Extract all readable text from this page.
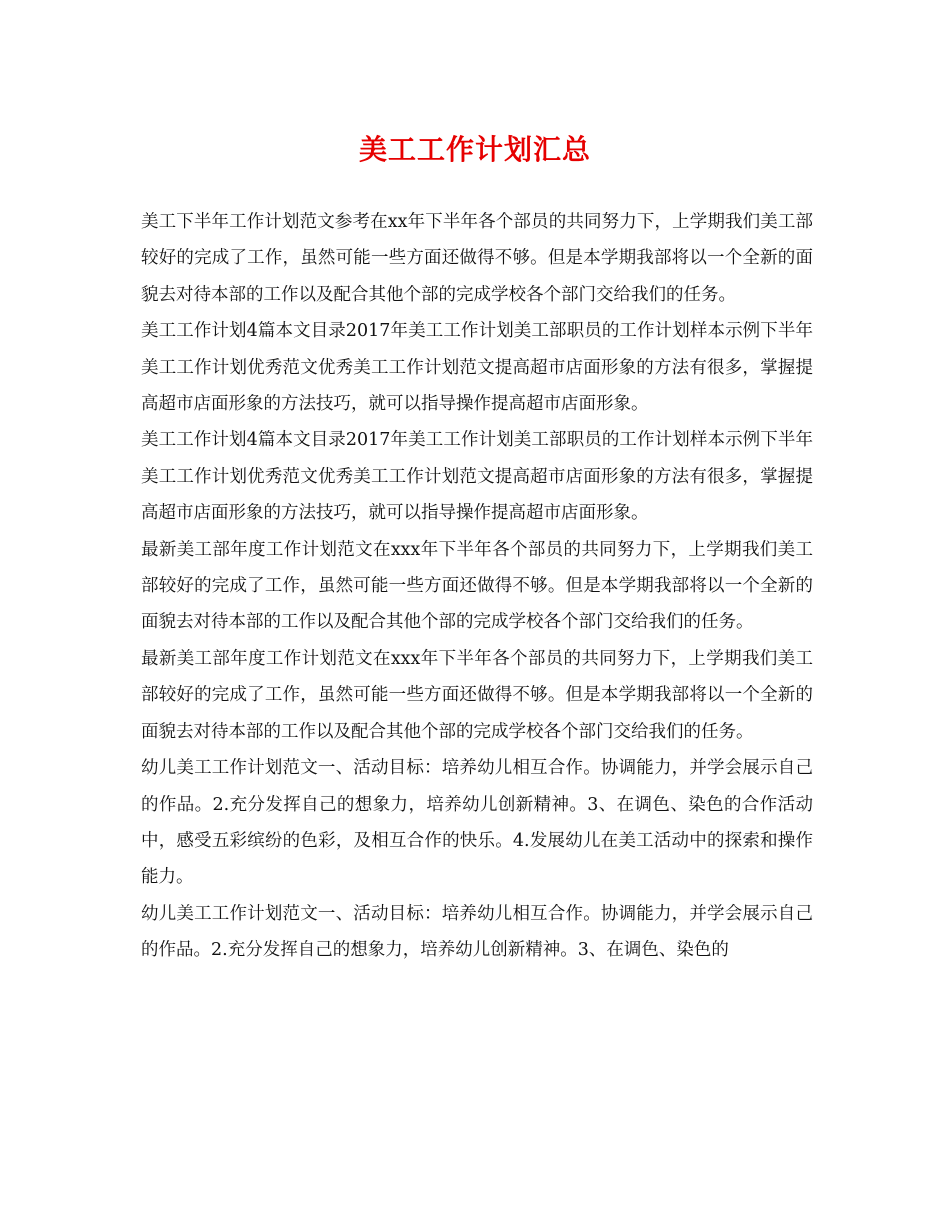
美工工作计划汇总

美工下半年工作计划范文参考在xx年下半年各个部员的共同努力下，上学期我们美工部较好的完成了工作，虽然可能一些方面还做得不够。但是本学期我部将以一个全新的面貌去对待本部的工作以及配合其他个部的完成学校各个部门交给我们的任务。

美工工作计划4篇本文目录2017年美工工作计划美工部职员的工作计划样本示例下半年美工工作计划优秀范文优秀美工工作计划范文提高超市店面形象的方法有很多，掌握提高超市店面形象的方法技巧，就可以指导操作提高超市店面形象。

美工工作计划4篇本文目录2017年美工工作计划美工部职员的工作计划样本示例下半年美工工作计划优秀范文优秀美工工作计划范文提高超市店面形象的方法有很多，掌握提高超市店面形象的方法技巧，就可以指导操作提高超市店面形象。

最新美工部年度工作计划范文在xxx年下半年各个部员的共同努力下，上学期我们美工部较好的完成了工作，虽然可能一些方面还做得不够。但是本学期我部将以一个全新的面貌去对待本部的工作以及配合其他个部的完成学校各个部门交给我们的任务。

最新美工部年度工作计划范文在xxx年下半年各个部员的共同努力下，上学期我们美工部较好的完成了工作，虽然可能一些方面还做得不够。但是本学期我部将以一个全新的面貌去对待本部的工作以及配合其他个部的完成学校各个部门交给我们的任务。

幼儿美工工作计划范文一、活动目标：培养幼儿相互合作。协调能力，并学会展示自己的作品。2.充分发挥自己的想象力，培养幼儿创新精神。3、在调色、染色的合作活动中，感受五彩缤纷的色彩，及相互合作的快乐。4.发展幼儿在美工活动中的探索和操作能力。

幼儿美工工作计划范文一、活动目标：培养幼儿相互合作。协调能力，并学会展示自己的作品。2.充分发挥自己的想象力，培养幼儿创新精神。3、在调色、染色的
